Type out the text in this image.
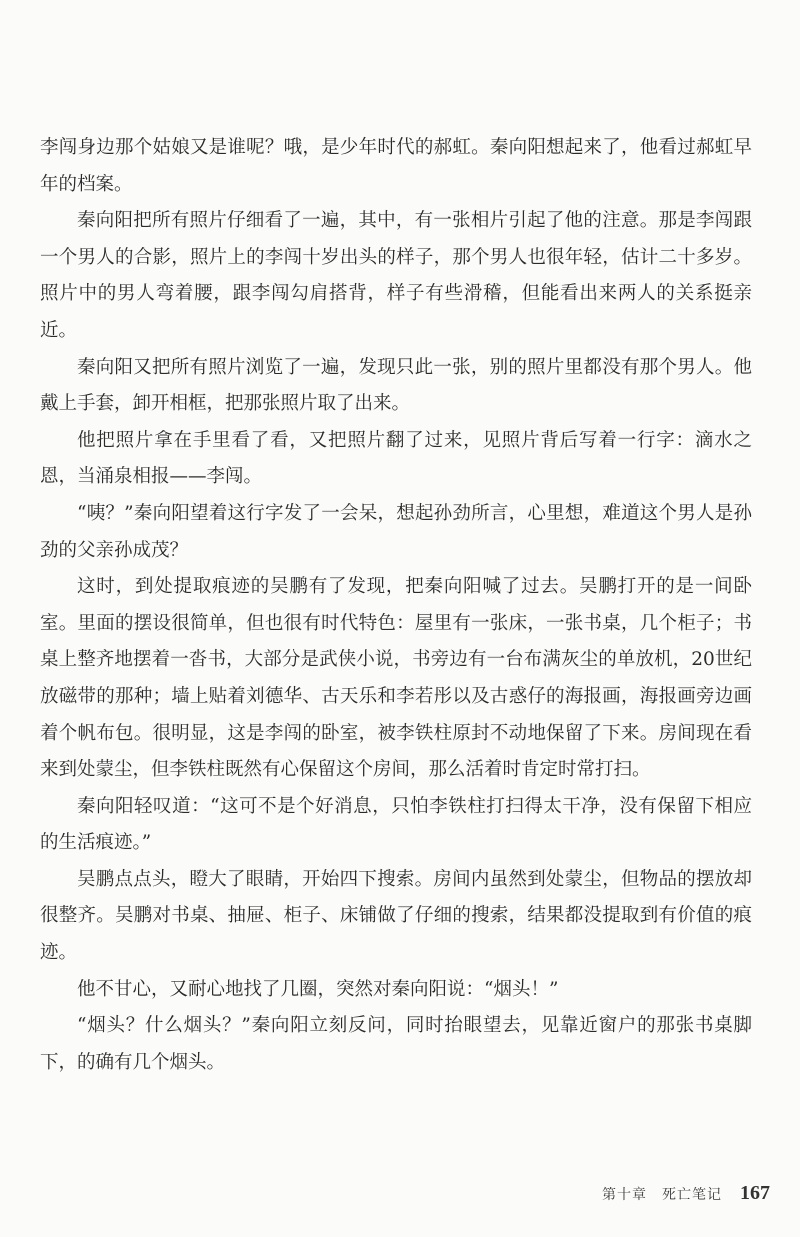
李闯身边那个姑娘又是谁呢？哦，是少年时代的郝虹。秦向阳想起来了，他看过郝虹早年的档案。

秦向阳把所有照片仔细看了一遍，其中，有一张相片引起了他的注意。那是李闯跟一个男人的合影，照片上的李闯十岁出头的样子，那个男人也很年轻，估计二十多岁。照片中的男人弯着腰，跟李闯勾肩搭背，样子有些滑稽，但能看出来两人的关系挺亲近。

秦向阳又把所有照片浏览了一遍，发现只此一张，别的照片里都没有那个男人。他戴上手套，卸开相框，把那张照片取了出来。

他把照片拿在手里看了看，又把照片翻了过来，见照片背后写着一行字：滴水之恩，当涌泉相报——李闯。

“咦？”秦向阳望着这行字发了一会呆，想起孙劲所言，心里想，难道这个男人是孙劲的父亲孙成茂？

这时，到处提取痕迹的吴鹏有了发现，把秦向阳喊了过去。吴鹏打开的是一间卧室。里面的摆设很简单，但也很有时代特色：屋里有一张床，一张书桌，几个柜子；书桌上整齐地摆着一沓书，大部分是武侠小说，书旁边有一台布满灰尘的单放机，20世纪放磁带的那种；墙上贴着刘德华、古天乐和李若彤以及古惑仔的海报画，海报画旁边画着个帆布包。很明显，这是李闯的卧室，被李铁柱原封不动地保留了下来。房间现在看来到处蒙尘，但李铁柱既然有心保留这个房间，那么活着时肯定时常打扫。

秦向阳轻叹道：“这可不是个好消息，只怕李铁柱打扫得太干净，没有保留下相应的生活痕迹。”

吴鹏点点头，瞪大了眼睛，开始四下搜索。房间内虽然到处蒙尘，但物品的摆放却很整齐。吴鹏对书桌、抽屉、柜子、床铺做了仔细的搜索，结果都没提取到有价值的痕迹。

他不甘心，又耐心地找了几圈，突然对秦向阳说：“烟头！”

“烟头？什么烟头？”秦向阳立刻反问，同时抬眼望去，见靠近窗户的那张书桌脚下，的确有几个烟头。

第十章　死亡笔记 167
